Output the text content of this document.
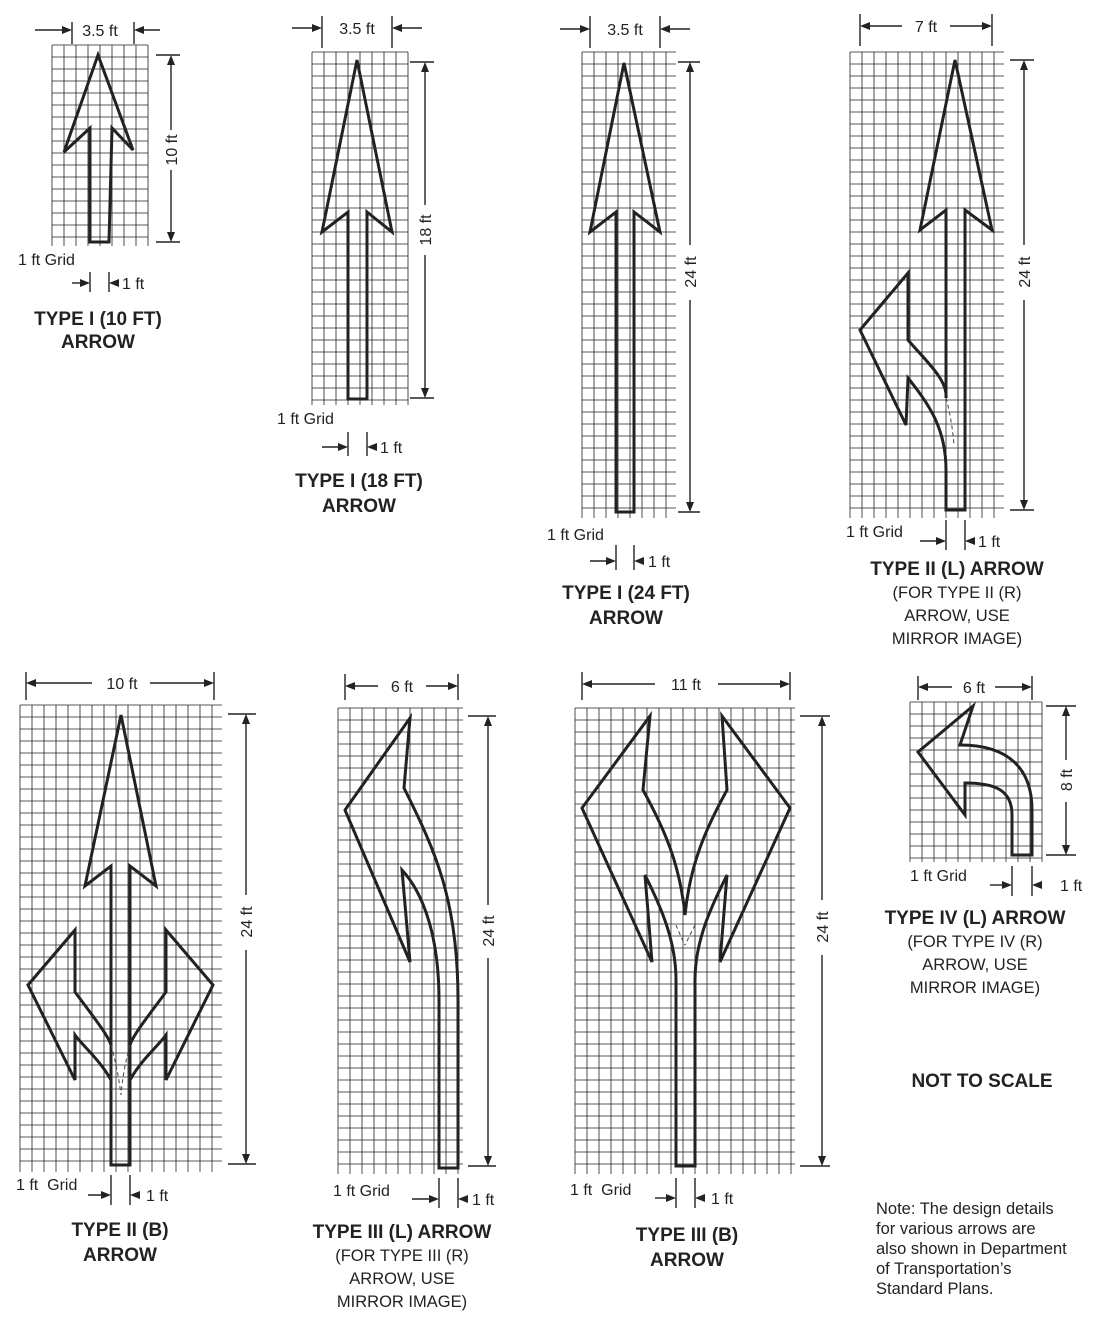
3.5 ft
10 ft
1 ft Grid
1 ft
TYPE I (10 FT)
ARROW
3.5 ft
18 ft
1 ft Grid
1 ft
TYPE I (18 FT)
ARROW
3.5 ft
24 ft
1 ft Grid
1 ft
TYPE I (24 FT)
ARROW
7 ft
24 ft
1 ft Grid
1 ft
TYPE II (L) ARROW
(FOR TYPE II (R)
ARROW, USE
MIRROR IMAGE)
10 ft
24 ft
1 ft  Grid
1 ft
TYPE II (B)
ARROW
6 ft
24 ft
1 ft Grid
1 ft
TYPE III (L) ARROW
(FOR TYPE III (R)
ARROW, USE
MIRROR IMAGE)
11 ft
24 ft
1 ft  Grid
1 ft
TYPE III (B)
ARROW
6 ft
8 ft
1 ft Grid
1 ft
TYPE IV (L) ARROW
(FOR TYPE IV (R)
ARROW, USE
MIRROR IMAGE)
NOT TO SCALE
Note: The design details
for various arrows are
also shown in Department
of Transportation’s
Standard Plans.
